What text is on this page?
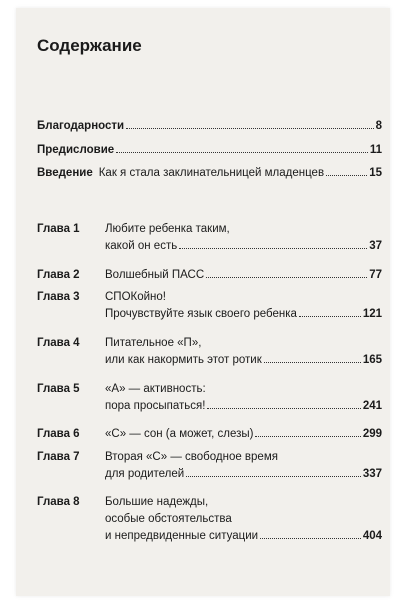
Содержание
Благодарности	8
Предисловие	11
Введение Как я стала заклинательницей младенцев	15
Глава 1 Любите ребенка таким,
какой он есть	37
Глава 2 Волшебный ПАСС	77
Глава 3 СПОКойно!
Прочувствуйте язык своего ребенка	121
Глава 4 Питательное «П»,
или как накормить этот ротик	165
Глава 5 «А» — активность:
пора просыпаться!	241
Глава 6 «С» — сон (а может, слезы)	299
Глава 7 Вторая «С» — свободное время
для родителей	337
Глава 8 Большие надежды,
особые обстоятельства
и непредвиденные ситуации	404
